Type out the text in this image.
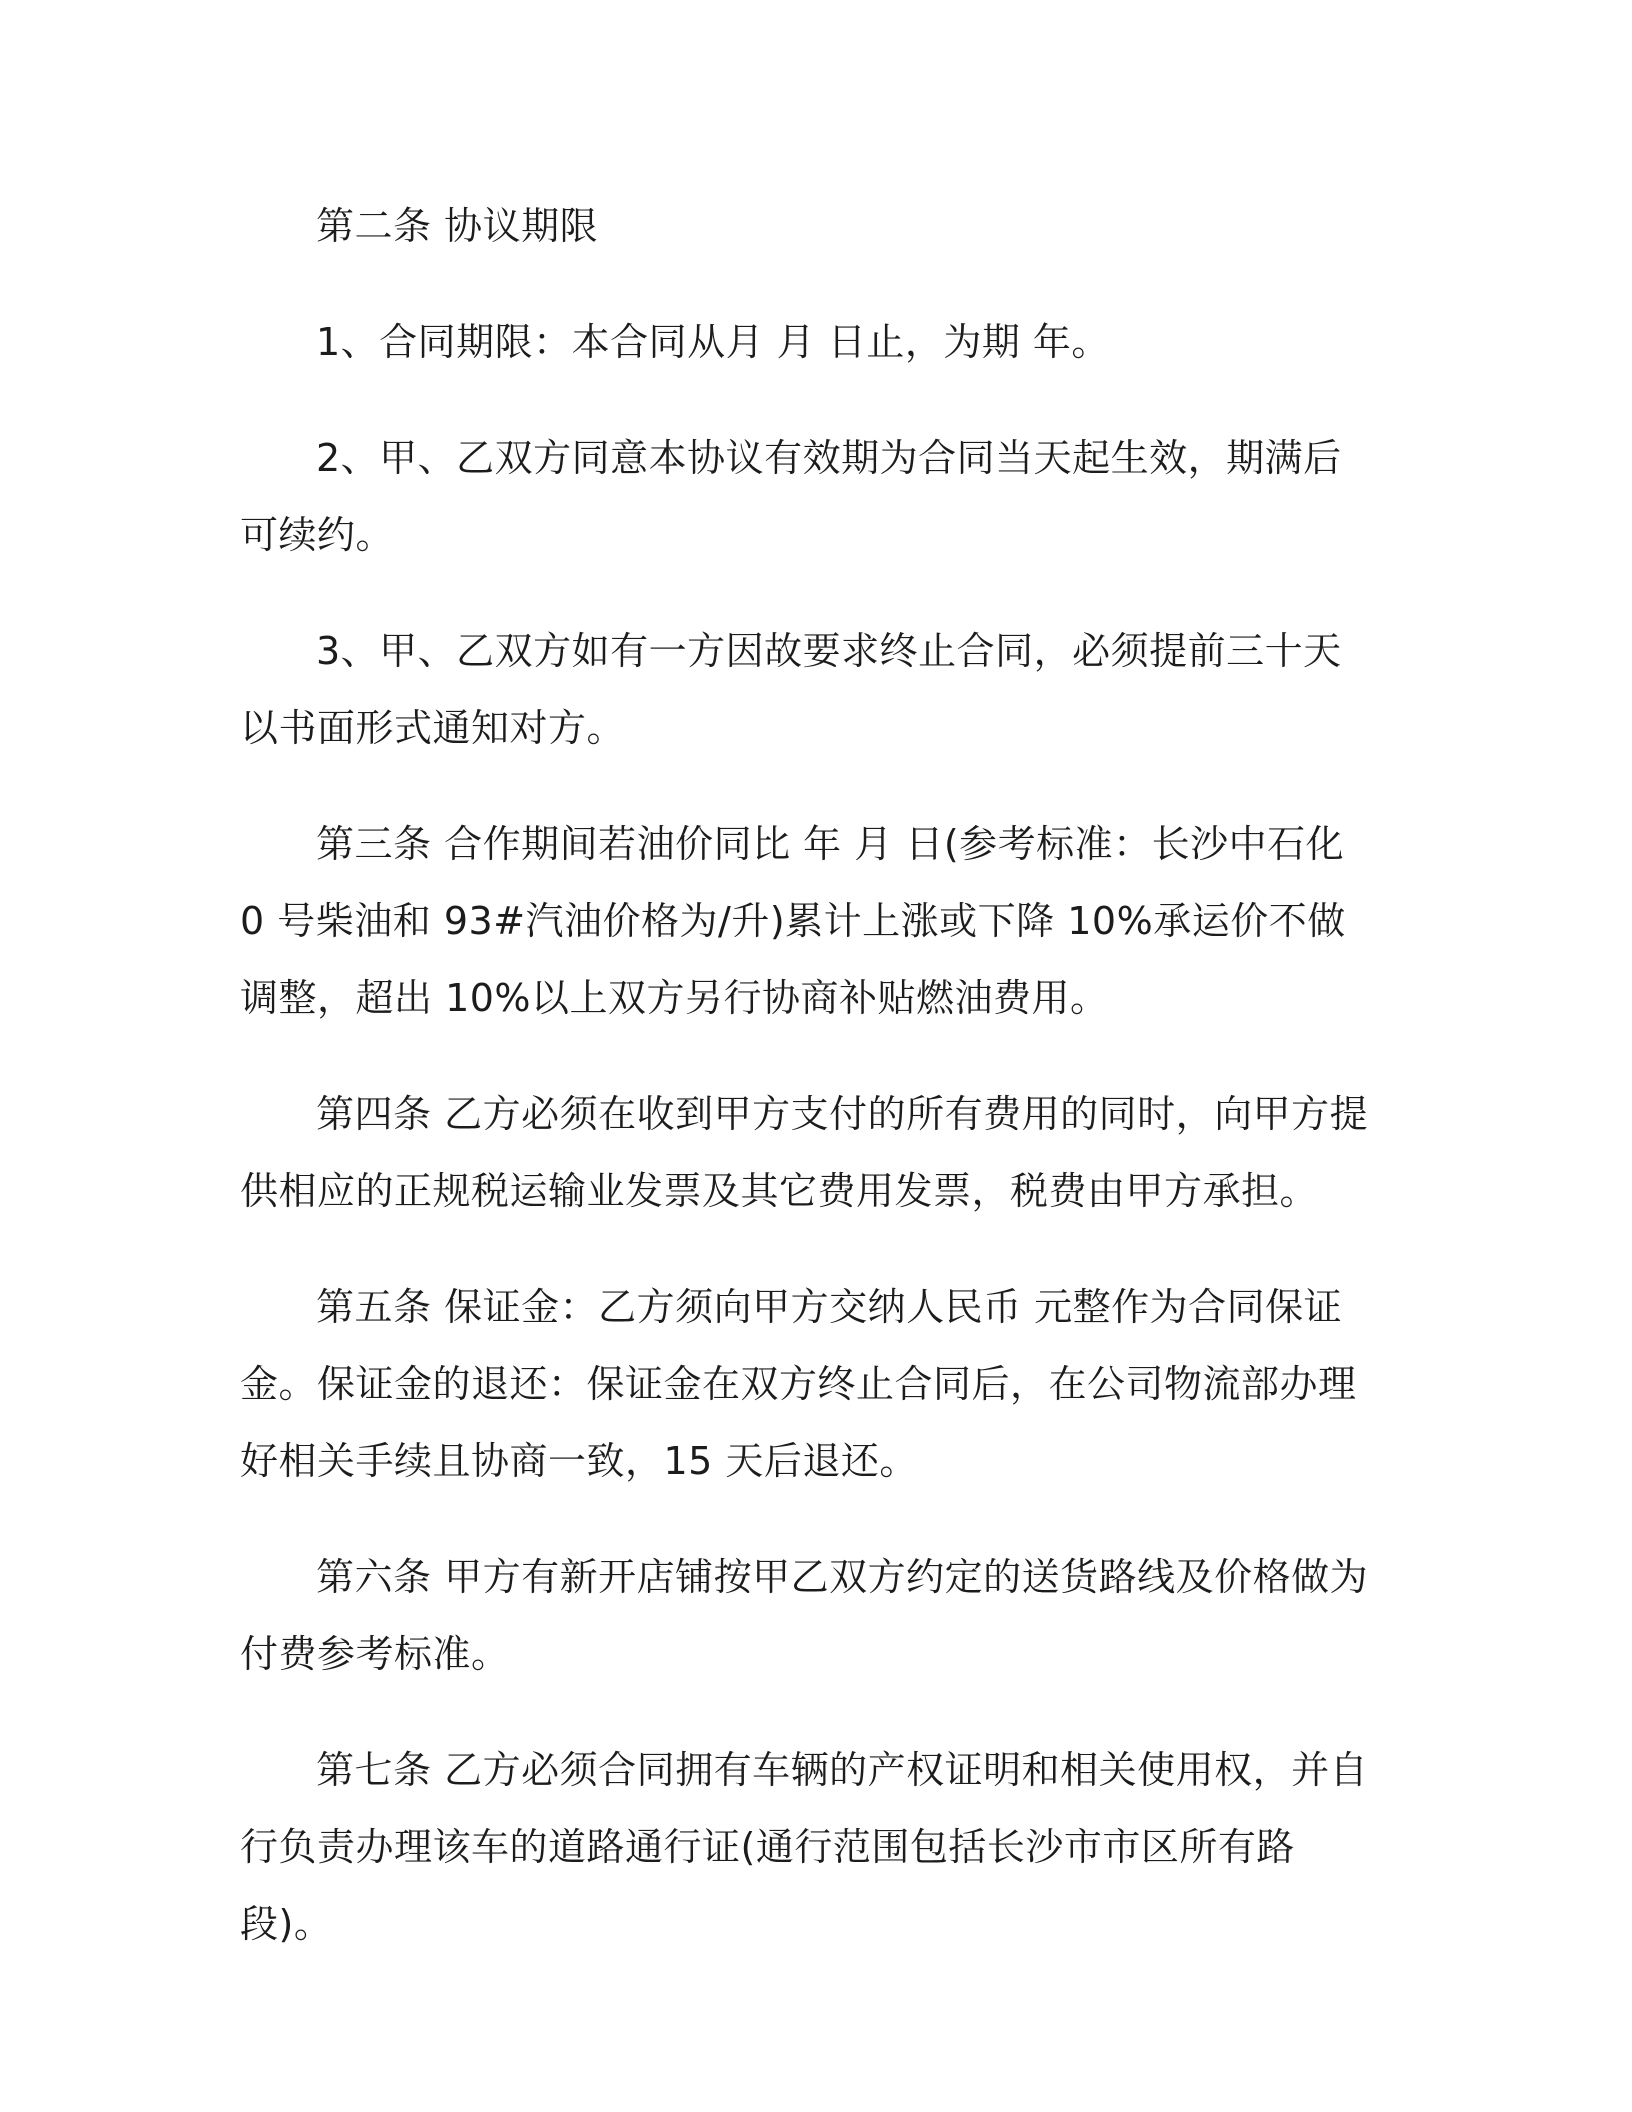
第二条 协议期限

1、合同期限：本合同从月 月 日止，为期 年。

2、甲、乙双方同意本协议有效期为合同当天起生效，期满后可续约。

3、甲、乙双方如有一方因故要求终止合同，必须提前三十天以书面形式通知对方。

第三条 合作期间若油价同比 年 月 日(参考标准：长沙中石化 0 号柴油和 93#汽油价格为/升)累计上涨或下降 10%承运价不做调整，超出 10%以上双方另行协商补贴燃油费用。

第四条 乙方必须在收到甲方支付的所有费用的同时，向甲方提供相应的正规税运输业发票及其它费用发票，税费由甲方承担。

第五条 保证金：乙方须向甲方交纳人民币 元整作为合同保证金。保证金的退还：保证金在双方终止合同后，在公司物流部办理好相关手续且协商一致，15 天后退还。

第六条 甲方有新开店铺按甲乙双方约定的送货路线及价格做为付费参考标准。

第七条 乙方必须合同拥有车辆的产权证明和相关使用权，并自行负责办理该车的道路通行证(通行范围包括长沙市市区所有路段)。
